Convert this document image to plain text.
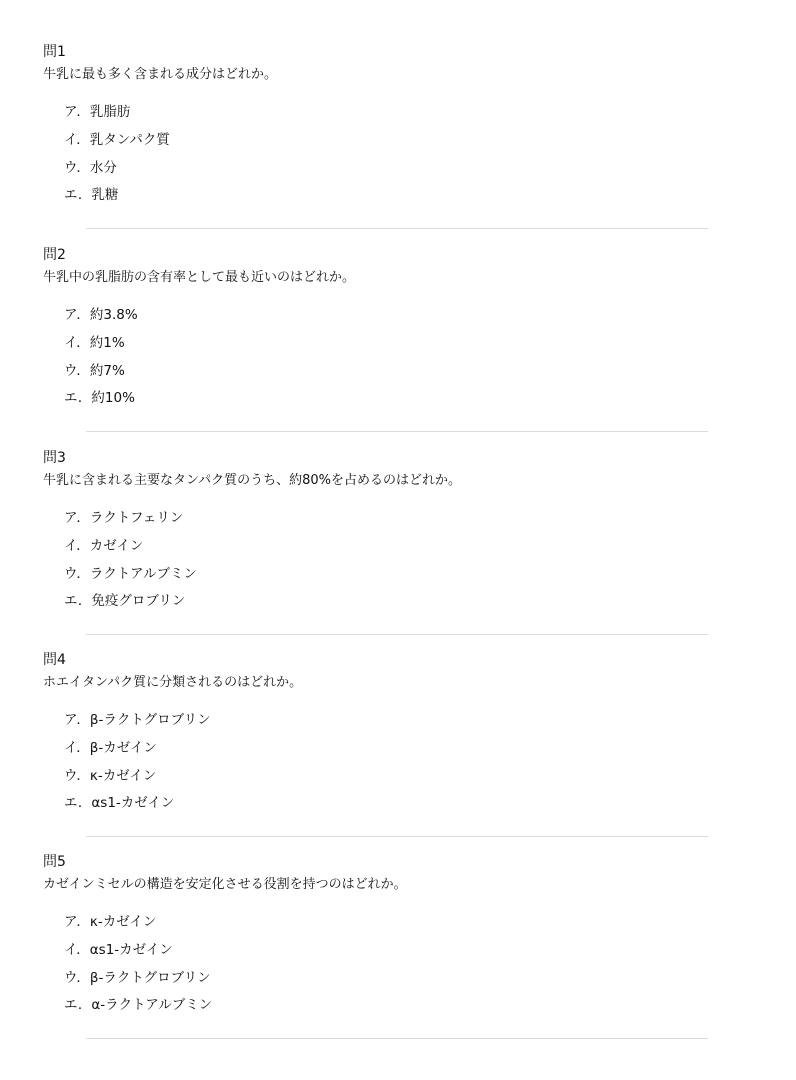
問1
牛乳に最も多く含まれる成分はどれか。
ア．乳脂肪
イ．乳タンパク質
ウ．水分
エ．乳糖
問2
牛乳中の乳脂肪の含有率として最も近いのはどれか。
ア．約3.8%
イ．約1%
ウ．約7%
エ．約10%
問3
牛乳に含まれる主要なタンパク質のうち、約80%を占めるのはどれか。
ア．ラクトフェリン
イ．カゼイン
ウ．ラクトアルブミン
エ．免疫グロブリン
問4
ホエイタンパク質に分類されるのはどれか。
ア．β-ラクトグロブリン
イ．β-カゼイン
ウ．κ-カゼイン
エ．αs1-カゼイン
問5
カゼインミセルの構造を安定化させる役割を持つのはどれか。
ア．κ-カゼイン
イ．αs1-カゼイン
ウ．β-ラクトグロブリン
エ．α-ラクトアルブミン
